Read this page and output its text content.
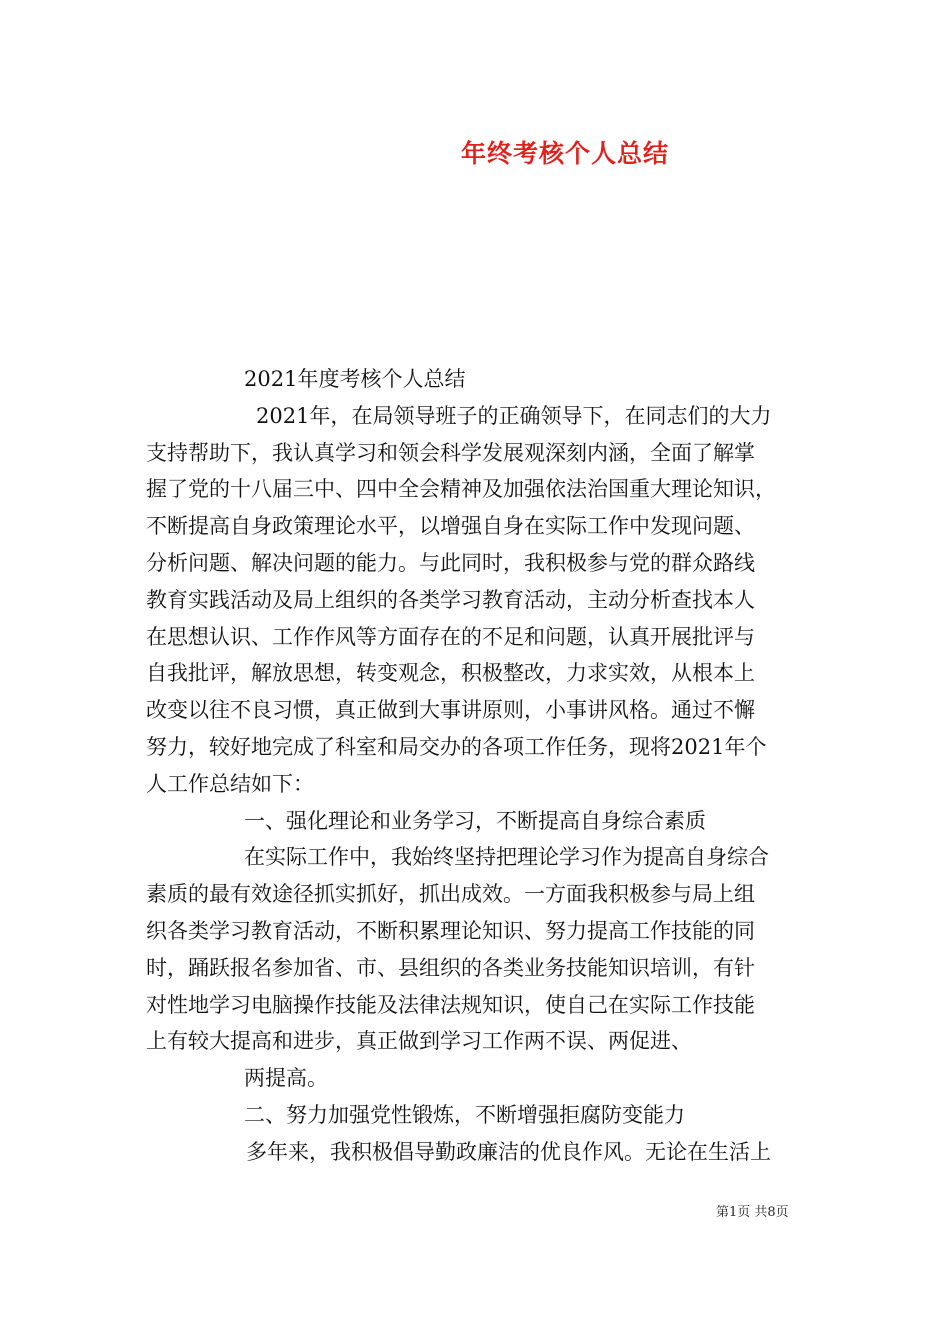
年终考核个人总结
2021年度考核个人总结
2021年，在局领导班子的正确领导下，在同志们的大力
支持帮助下，我认真学习和领会科学发展观深刻内涵，全面了解掌
握了党的十八届三中、四中全会精神及加强依法治国重大理论知识，
不断提高自身政策理论水平，以增强自身在实际工作中发现问题、
分析问题、解决问题的能力。与此同时，我积极参与党的群众路线
教育实践活动及局上组织的各类学习教育活动，主动分析查找本人
在思想认识、工作作风等方面存在的不足和问题，认真开展批评与
自我批评，解放思想，转变观念，积极整改，力求实效，从根本上
改变以往不良习惯，真正做到大事讲原则，小事讲风格。通过不懈
努力，较好地完成了科室和局交办的各项工作任务，现将2021年个
人工作总结如下：
一、强化理论和业务学习，不断提高自身综合素质
在实际工作中，我始终坚持把理论学习作为提高自身综合
素质的最有效途径抓实抓好，抓出成效。一方面我积极参与局上组
织各类学习教育活动，不断积累理论知识、努力提高工作技能的同
时，踊跃报名参加省、市、县组织的各类业务技能知识培训，有针
对性地学习电脑操作技能及法律法规知识，使自己在实际工作技能
上有较大提高和进步，真正做到学习工作两不误、两促进、
两提高。
二、努力加强党性锻炼，不断增强拒腐防变能力
多年来，我积极倡导勤政廉洁的优良作风。无论在生活上
第1页 共8页
